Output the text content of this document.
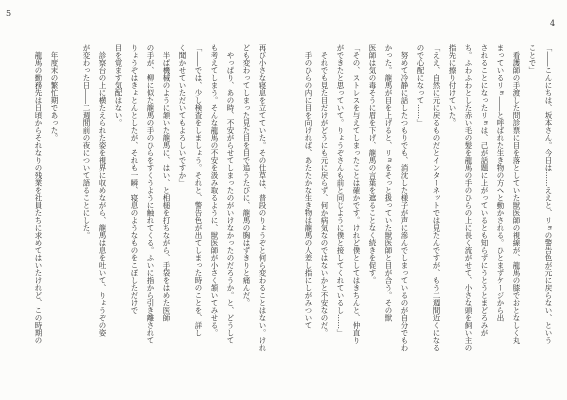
5
4
「――こんにちは、坂本さん。今日は……ええと、リョの警告色が元に戻らない、という
ことで」
　看護師の手渡した問診票に目を落としていた獣医師の視線が、龍馬の膝でおとなしく丸
まっているリョ――と呼ばれた生き物の方へと動かされる。ひとまずケージから出
されることになったリョは、己が話題に上がっているとも知らずにうとうとまどろみが
ち。ふわふわとした赤い毛の髪を龍馬の手のひらの上に長く流がせて、小さな頭を飼い主の
指先に擦り付けていた。
「ええ、自然に元に戻るものだとインターネットでは見たんですが、もう二週間近くになる
ので心配になって……」
　努めて冷静に話したつもりでも、消沈した様子が声に滲んでしまっているのが自分でもわ
かった。龍馬が目を上げると、リョをそっと扱っていた獣医師と目が合う。その獣
医師は気の毒そうに眉を下げ、龍馬の言葉を遮ることなく続きを促す。
「その、ストレスを与えてしまったことは確かです。けれど僕としてはきちんと、仲直り
ができたと思っていて。りょうぞさんも前と同じように僕と接してくれているし……」
　それでも見た目だけがどうにも元に戻らず、何か病気なのではないかと不安なのだ。
　手のひらの内に目を向ければ、あたたかな生き物は龍馬の人差し指にしがみついて
再び小さな寝息を立てていた。その仕草は、普段のりょうぞと何ら変わることはない。けれ
ども変わってしまった見た目を目で追うたびに、龍馬の胸はずきりと痛んだ。
　やっぱり、あの時、不安がらせてしまったのがいけなかったのだろうか。と、どうして
も考えてしまう。そんな龍馬の不安を汲み取るように、獣医師が小さく頷いてみせる。
「――では、少し検査をしましょう。それと、警告色が出てしまった時のことを、詳し
く聞かせていただいてもよろしいですか」
　半ば機械のように頷いた龍馬に、はい、と相槌を打ちながら、手袋をはめた医師
の手が、柳に似た龍馬の手のひらをすくうように触れてくる。ふいに指から引き離されて
りょうぞはきょとんとしたが、それも一瞬、寝息のようなものをこぼしただけで
目を覚ます気配はない。
　診察台の上に横たえられた姿を視界に収めながら、龍馬は息を吐いて、りょうぞの姿
が変わった日――二週間前の夜について語ることにした。
　年度末の繁忙期であった。
　龍馬の勤務先は日頃からそれなりの残業を社員たちに求めてはいたけれど、この時期の
